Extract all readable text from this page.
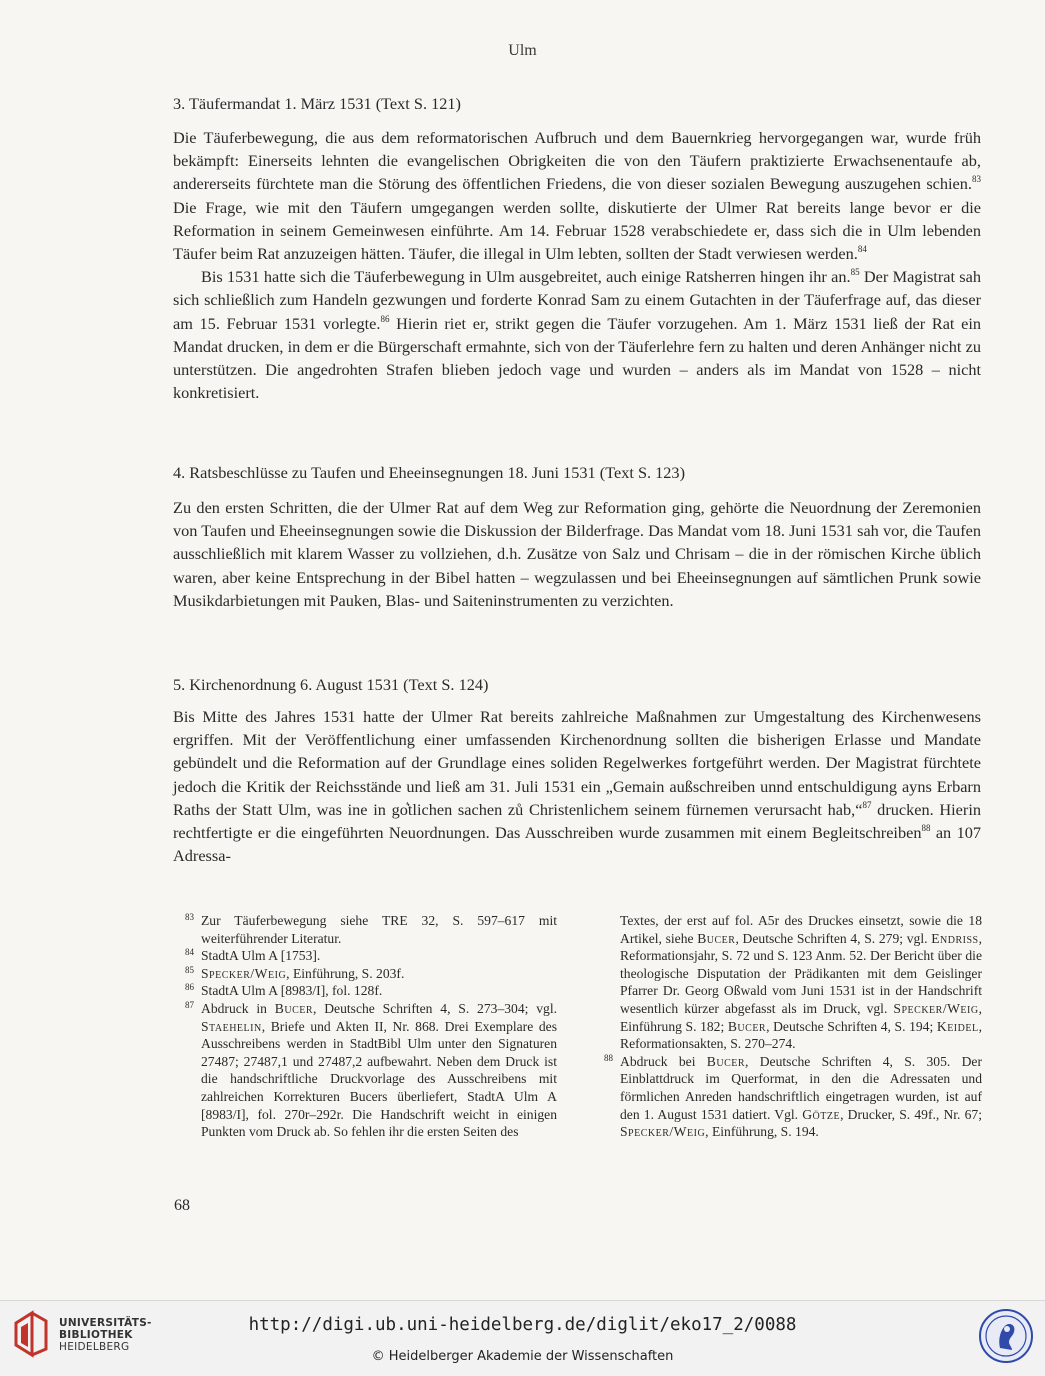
Ulm
3. Täufermandat 1. März 1531 (Text S. 121)

Die Täuferbewegung, die aus dem reformatorischen Aufbruch und dem Bauernkrieg hervorgegangen war, wurde früh bekämpft: Einerseits lehnten die evangelischen Obrigkeiten die von den Täufern praktizierte Erwachsenentaufe ab, andererseits fürchtete man die Störung des öffentlichen Friedens, die von dieser sozialen Bewegung auszugehen schien.$^{83}$ Die Frage, wie mit den Täufern umgegangen werden sollte, diskutierte der Ulmer Rat bereits lange bevor er die Reformation in seinem Gemeinwesen einführte. Am 14. Februar 1528 verabschiedete er, dass sich die in Ulm lebenden Täufer beim Rat anzuzeigen hätten. Täufer, die illegal in Ulm lebten, sollten der Stadt verwiesen werden.$^{84}$

Bis 1531 hatte sich die Täuferbewegung in Ulm ausgebreitet, auch einige Ratsherren hingen ihr an.$^{85}$ Der Magistrat sah sich schließlich zum Handeln gezwungen und forderte Konrad Sam zu einem Gutachten in der Täuferfrage auf, das dieser am 15. Februar 1531 vorlegte.$^{86}$ Hierin riet er, strikt gegen die Täufer vorzugehen. Am 1. März 1531 ließ der Rat ein Mandat drucken, in dem er die Bürgerschaft ermahnte, sich von der Täuferlehre fern zu halten und deren Anhänger nicht zu unterstützen. Die angedrohten Strafen blieben jedoch vage und wurden – anders als im Mandat von 1528 – nicht konkretisiert.

4. Ratsbeschlüsse zu Taufen und Eheeinsegnungen 18. Juni 1531 (Text S. 123)

Zu den ersten Schritten, die der Ulmer Rat auf dem Weg zur Reformation ging, gehörte die Neuordnung der Zeremonien von Taufen und Eheeinsegnungen sowie die Diskussion der Bilderfrage. Das Mandat vom 18. Juni 1531 sah vor, die Taufen ausschließlich mit klarem Wasser zu vollziehen, d.h. Zusätze von Salz und Chrisam – die in der römischen Kirche üblich waren, aber keine Entsprechung in der Bibel hatten – wegzulassen und bei Eheeinsegnungen auf sämtlichen Prunk sowie Musikdarbietungen mit Pauken, Blas- und Saiteninstrumenten zu verzichten.

5. Kirchenordnung 6. August 1531 (Text S. 124)

Bis Mitte des Jahres 1531 hatte der Ulmer Rat bereits zahlreiche Maßnahmen zur Umgestaltung des Kirchenwesens ergriffen. Mit der Veröffentlichung einer umfassenden Kirchenordnung sollten die bisherigen Erlasse und Mandate gebündelt und die Reformation auf der Grundlage eines soliden Regelwerkes fortgeführt werden. Der Magistrat fürchtete jedoch die Kritik der Reichsstände und ließ am 31. Juli 1531 ein „Gemain außschreiben unnd entschuldigung ayns Erbarn Raths der Statt Ulm, was ine in go͛tlichen sachen zů Christenlichem seinem fürnemen verursacht hab,“$^{87}$ drucken. Hierin rechtfertigte er die eingeführten Neuordnungen. Das Ausschreiben wurde zusammen mit einem Begleitschreiben$^{88}$ an 107 Adressa-

83 Zur Täuferbewegung siehe TRE 32, S. 597–617 mit weiterführender Literatur.
84 StadtA Ulm A [1753].
85 Specker/Weig, Einführung, S. 203f.
86 StadtA Ulm A [8983/I], fol. 128f.
87 Abdruck in Bucer, Deutsche Schriften 4, S. 273–304; vgl. Staehelin, Briefe und Akten II, Nr. 868. Drei Exemplare des Ausschreibens werden in StadtBibl Ulm unter den Signaturen 27487; 27487,1 und 27487,2 aufbewahrt. Neben dem Druck ist die handschriftliche Druckvorlage des Ausschreibens mit zahlreichen Korrekturen Bucers überliefert, StadtA Ulm A [8983/I], fol. 270r–292r. Die Handschrift weicht in einigen Punkten vom Druck ab. So fehlen ihr die ersten Seiten des
Textes, der erst auf fol. A5r des Druckes einsetzt, sowie die 18 Artikel, siehe Bucer, Deutsche Schriften 4, S. 279; vgl. Endriss, Reformationsjahr, S. 72 und S. 123 Anm. 52. Der Bericht über die theologische Disputation der Prädikanten mit dem Geislinger Pfarrer Dr. Georg Oßwald vom Juni 1531 ist in der Handschrift wesentlich kürzer abgefasst als im Druck, vgl. Specker/Weig, Einführung S. 182; Bucer, Deutsche Schriften 4, S. 194; Keidel, Reformationsakten, S. 270–274.
88 Abdruck bei Bucer, Deutsche Schriften 4, S. 305. Der Einblattdruck im Querformat, in den die Adressaten und förmlichen Anreden handschriftlich eingetragen wurden, ist auf den 1. August 1531 datiert. Vgl. Götze, Drucker, S. 49f., Nr. 67; Specker/Weig, Einführung, S. 194.
68
UNIVERSITÄTS-
BIBLIOTHEK
HEIDELBERG
http://digi.ub.uni-heidelberg.de/diglit/eko17_2/0088
© Heidelberger Akademie der Wissenschaften
